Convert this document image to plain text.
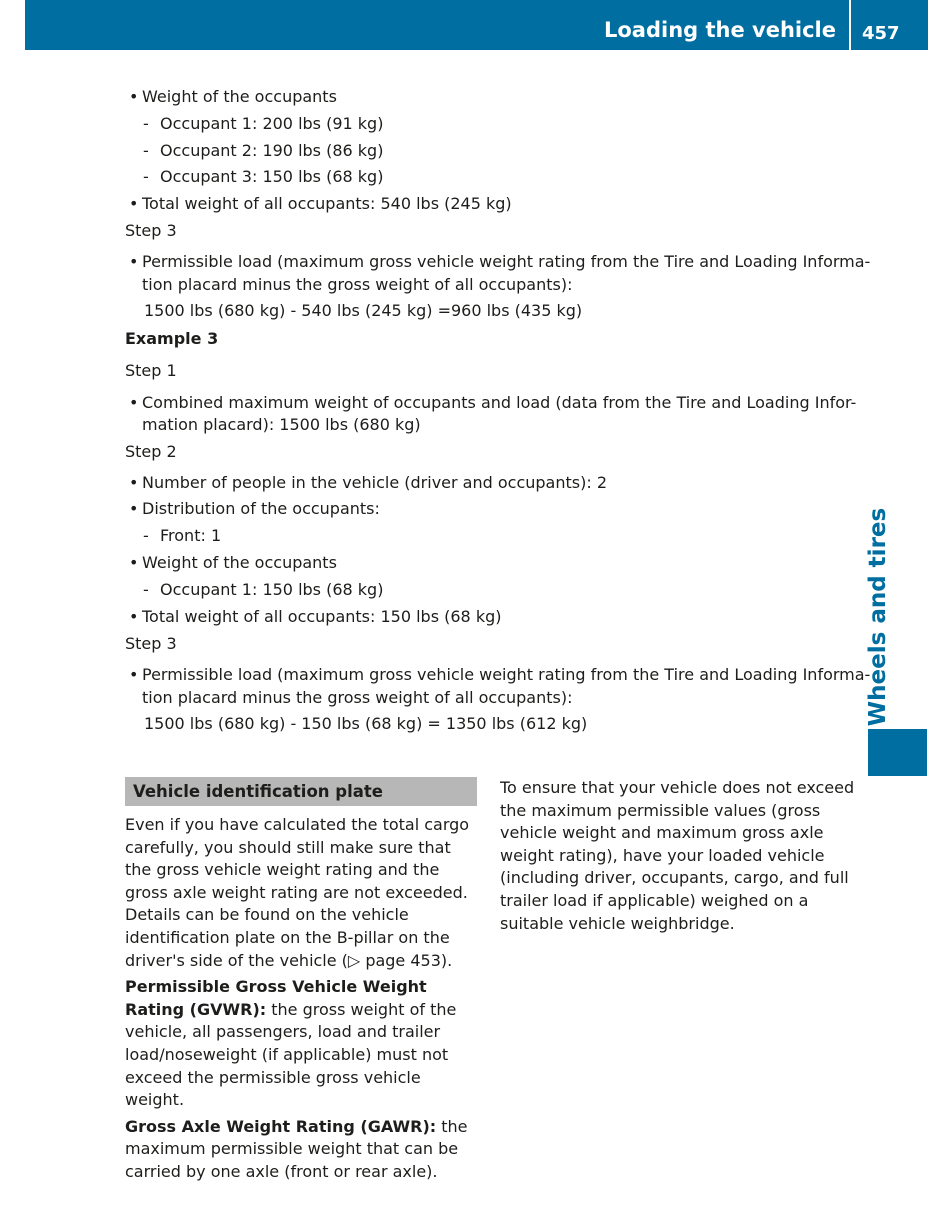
Loading the vehicle 457
Wheels and tires
• Weight of the occupants
- Occupant 1: 200 lbs (91 kg)
- Occupant 2: 190 lbs (86 kg)
- Occupant 3: 150 lbs (68 kg)
• Total weight of all occupants: 540 lbs (245 kg)
Step 3
• Permissible load (maximum gross vehicle weight rating from the Tire and Loading Informa-
tion placard minus the gross weight of all occupants):
1500 lbs (680 kg) - 540 lbs (245 kg) =960 lbs (435 kg)
Example 3
Step 1
• Combined maximum weight of occupants and load (data from the Tire and Loading Infor-
mation placard): 1500 lbs (680 kg)
Step 2
• Number of people in the vehicle (driver and occupants): 2
• Distribution of the occupants:
- Front: 1
• Weight of the occupants
- Occupant 1: 150 lbs (68 kg)
• Total weight of all occupants: 150 lbs (68 kg)
Step 3
• Permissible load (maximum gross vehicle weight rating from the Tire and Loading Informa-
tion placard minus the gross weight of all occupants):
1500 lbs (680 kg) - 150 lbs (68 kg) = 1350 lbs (612 kg)
Vehicle identification plate

Even if you have calculated the total cargo carefully, you should still make sure that the gross vehicle weight rating and the gross axle weight rating are not exceeded. Details can be found on the vehicle identification plate on the B-pillar on the driver's side of the vehicle (▷ page 453).

Permissible Gross Vehicle Weight Rating (GVWR): the gross weight of the vehicle, all passengers, load and trailer load/noseweight (if applicable) must not exceed the permissible gross vehicle weight.

Gross Axle Weight Rating (GAWR): the maximum permissible weight that can be carried by one axle (front or rear axle).

To ensure that your vehicle does not exceed the maximum permissible values (gross vehicle weight and maximum gross axle weight rating), have your loaded vehicle (including driver, occupants, cargo, and full trailer load if applicable) weighed on a suitable vehicle weighbridge.
